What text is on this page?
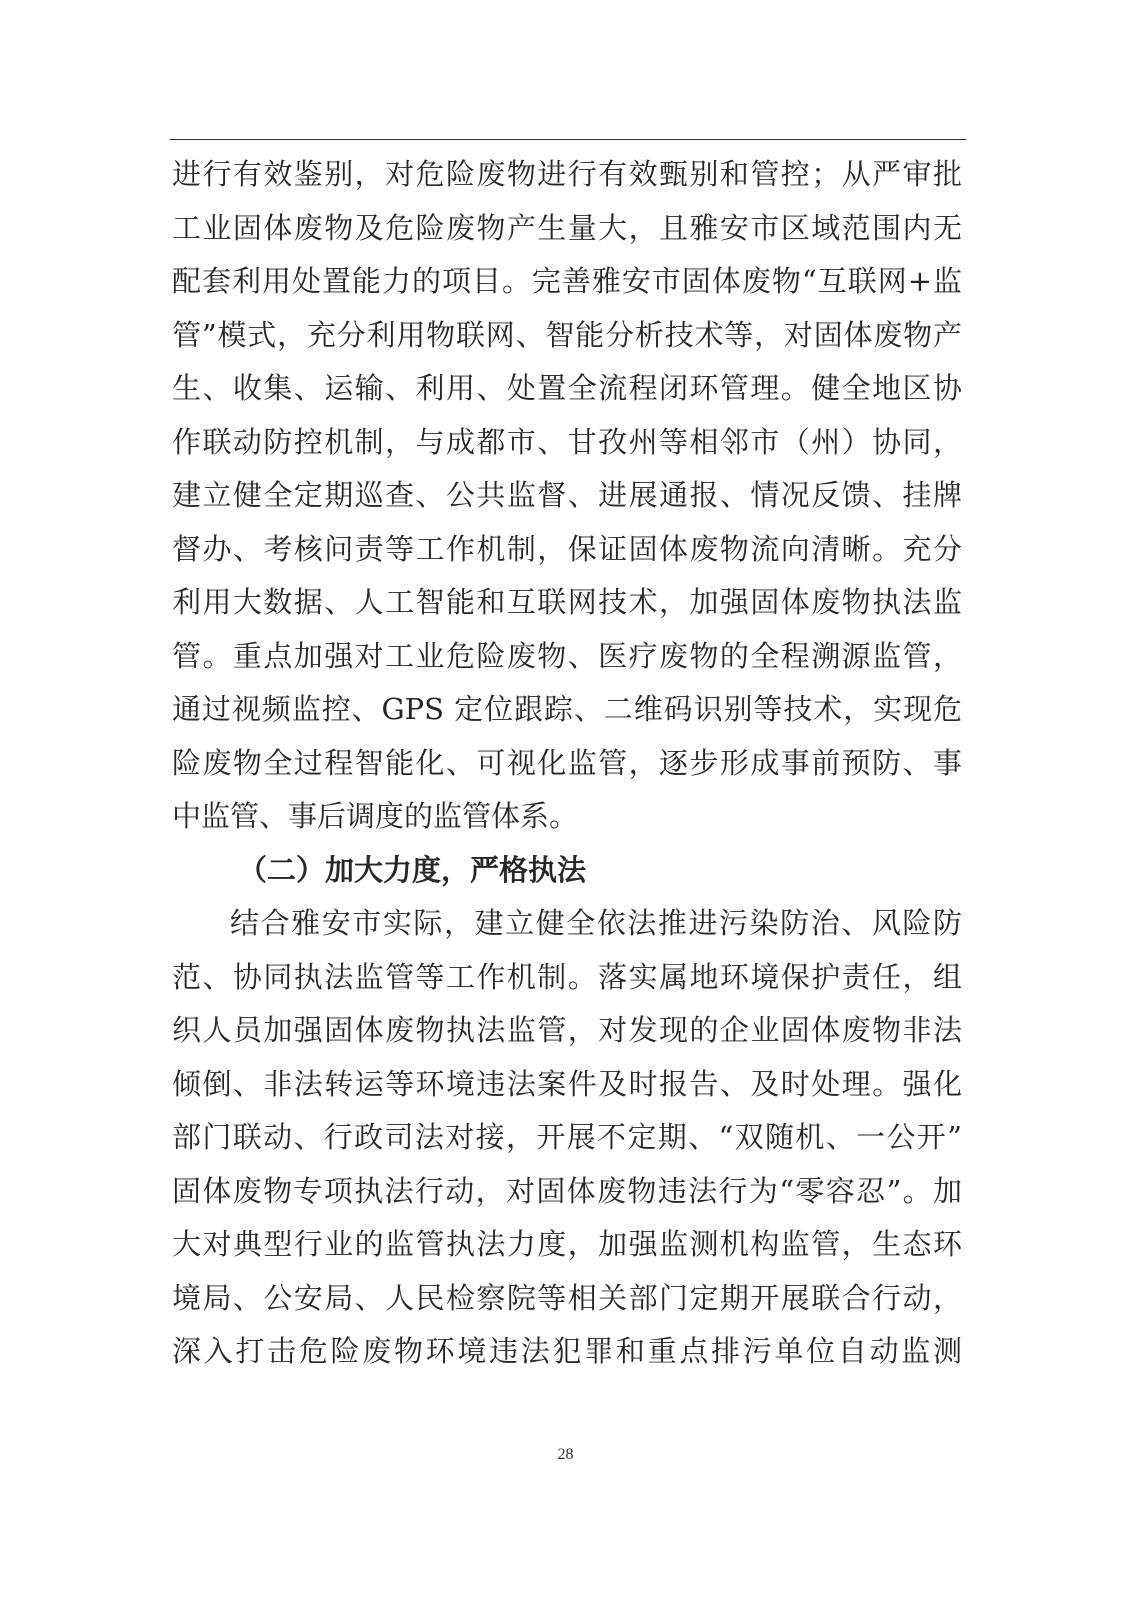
进行有效鉴别，对危险废物进行有效甄别和管控；从严审批
工业固体废物及危险废物产生量大，且雅安市区域范围内无
配套利用处置能力的项目。完善雅安市固体废物“互联网+监
管”模式，充分利用物联网、智能分析技术等，对固体废物产
生、收集、运输、利用、处置全流程闭环管理。健全地区协
作联动防控机制，与成都市、甘孜州等相邻市（州）协同，
建立健全定期巡查、公共监督、进展通报、情况反馈、挂牌
督办、考核问责等工作机制，保证固体废物流向清晰。充分
利用大数据、人工智能和互联网技术，加强固体废物执法监
管。重点加强对工业危险废物、医疗废物的全程溯源监管，
通过视频监控、GPS 定位跟踪、二维码识别等技术，实现危
险废物全过程智能化、可视化监管，逐步形成事前预防、事
中监管、事后调度的监管体系。
（二）加大力度，严格执法
结合雅安市实际，建立健全依法推进污染防治、风险防
范、协同执法监管等工作机制。落实属地环境保护责任，组
织人员加强固体废物执法监管，对发现的企业固体废物非法
倾倒、非法转运等环境违法案件及时报告、及时处理。强化
部门联动、行政司法对接，开展不定期、“双随机、一公开”
固体废物专项执法行动，对固体废物违法行为“零容忍”。加
大对典型行业的监管执法力度，加强监测机构监管，生态环
境局、公安局、人民检察院等相关部门定期开展联合行动，
深入打击危险废物环境违法犯罪和重点排污单位自动监测
28
